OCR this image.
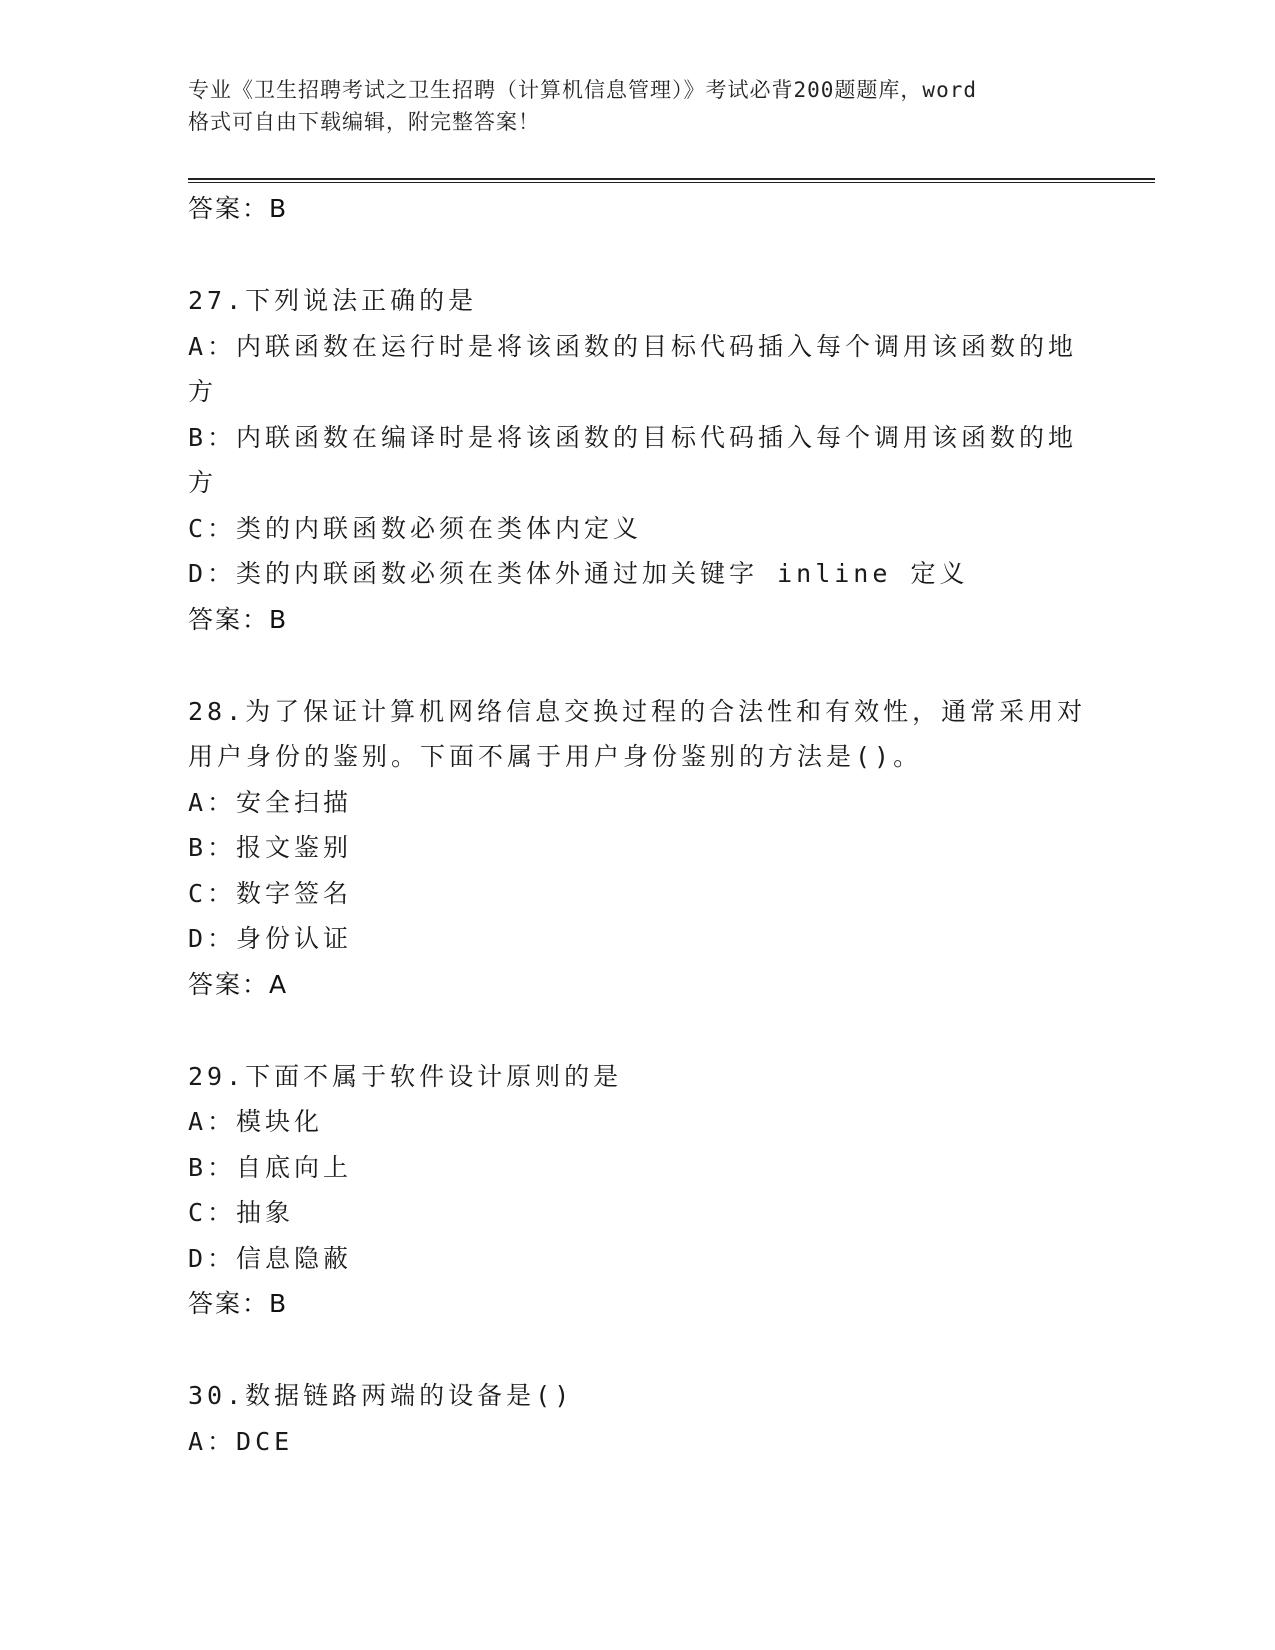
专业《卫生招聘考试之卫生招聘（计算机信息管理）》考试必背200题题库，word
格式可自由下载编辑，附完整答案！
答案：B
27.下列说法正确的是
A：内联函数在运行时是将该函数的目标代码插入每个调用该函数的地
方
B：内联函数在编译时是将该函数的目标代码插入每个调用该函数的地
方
C：类的内联函数必须在类体内定义
D：类的内联函数必须在类体外通过加关键字 inline 定义
答案：B
28.为了保证计算机网络信息交换过程的合法性和有效性，通常采用对
用户身份的鉴别。下面不属于用户身份鉴别的方法是()。
A：安全扫描
B：报文鉴别
C：数字签名
D：身份认证
答案：A
29.下面不属于软件设计原则的是
A：模块化
B：自底向上
C：抽象
D：信息隐蔽
答案：B
30.数据链路两端的设备是()
A：DCE
